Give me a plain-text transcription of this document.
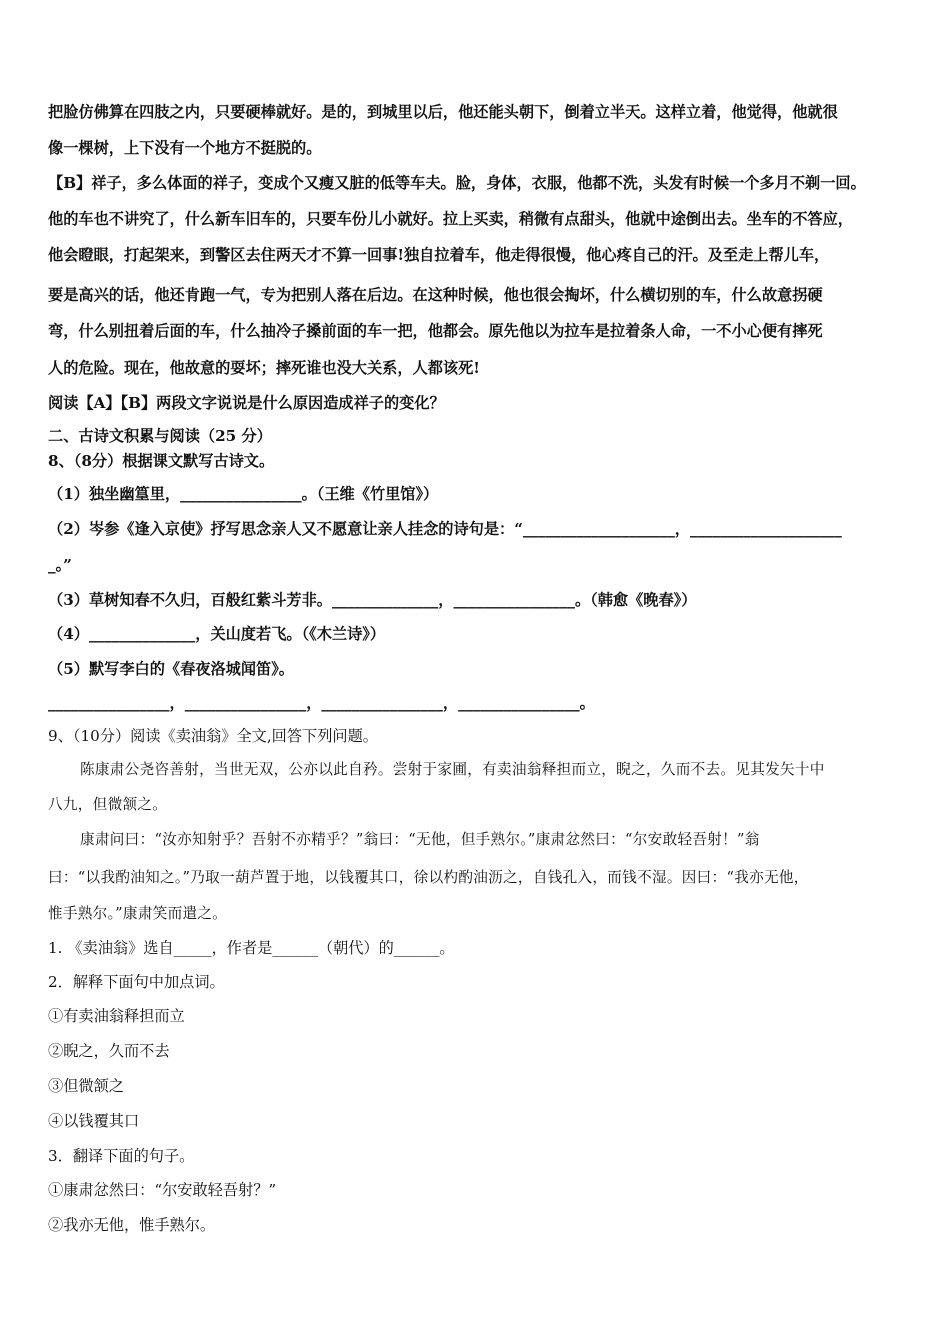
把脸仿佛算在四肢之内，只要硬棒就好。是的，到城里以后，他还能头朝下，倒着立半天。这样立着，他觉得，他就很
像一棵树，上下没有一个地方不挺脱的。
【B】祥子，多么体面的祥子，变成个又瘦又脏的低等车夫。脸，身体，衣服，他都不洗，头发有时候一个多月不剃一回。
他的车也不讲究了，什么新车旧车的，只要车份儿小就好。拉上买卖，稍微有点甜头，他就中途倒出去。坐车的不答应，
他会瞪眼，打起架来，到警区去住两天才不算一回事!独自拉着车，他走得很慢，他心疼自己的汗。及至走上帮儿车，
要是高兴的话，他还肯跑一气，专为把别人落在后边。在这种时候，他也很会掏坏，什么横切别的车，什么故意拐硬
弯，什么别扭着后面的车，什么抽冷子搡前面的车一把，他都会。原先他以为拉车是拉着条人命，一不小心便有摔死
人的危险。现在，他故意的耍坏；摔死谁也没大关系，人都该死!
阅读【A】【B】两段文字说说是什么原因造成祥子的变化？
二、古诗文积累与阅读（25 分）
8、（8分）根据课文默写古诗文。
（1）独坐幽篁里，________________。（王维《竹里馆》）
（2）岑参《逢入京使》抒写思念亲人又不愿意让亲人挂念的诗句是：“____________________，____________________
_。”
（3）草树知春不久归，百般红紫斗芳非。______________，________________。（韩愈《晚春》）
（4）______________，关山度若飞。（《木兰诗》）
（5）默写李白的《春夜洛城闻笛》。
________________，________________，________________，________________。
9、（10分）阅读《卖油翁》全文,回答下列问题。
陈康肃公尧咨善射，当世无双，公亦以此自矜。尝射于家圃，有卖油翁释担而立，睨之，久而不去。见其发矢十中
八九，但微颔之。
康肃问曰：“汝亦知射乎？吾射不亦精乎？”翁曰：“无他，但手熟尔。”康肃忿然曰：“尔安敢轻吾射！”翁
曰：“以我酌油知之。”乃取一葫芦置于地，以钱覆其口，徐以杓酌油沥之，自钱孔入，而钱不湿。因曰：“我亦无他，
惟手熟尔。”康肃笑而遣之。
1. 《卖油翁》选自_____，作者是______（朝代）的______。
2．解释下面句中加点词。
①有卖油翁释担而立
②睨之，久而不去
③但微颔之
④以钱覆其口
3．翻译下面的句子。
①康肃忿然曰：“尔安敢轻吾射？”
②我亦无他，惟手熟尔。
